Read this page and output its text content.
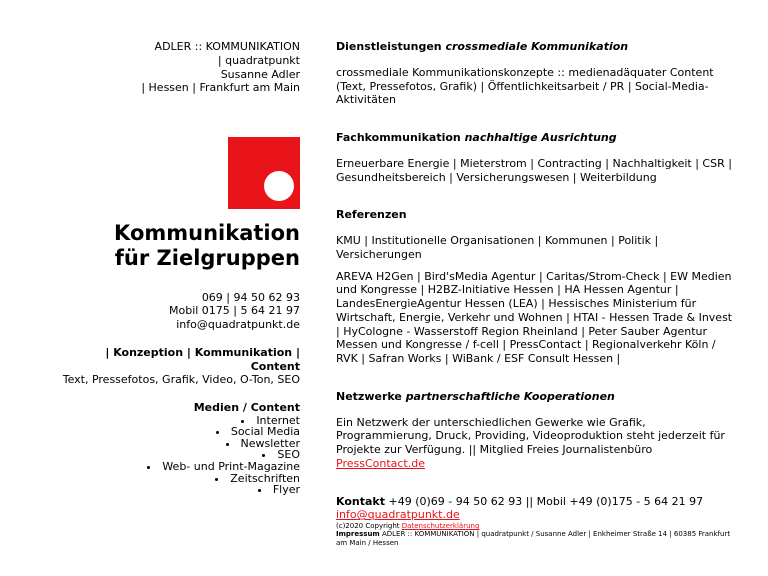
ADLER :: KOMMUNIKATION
| quadratpunkt
Susanne Adler
| Hessen | Frankfurt am Main
Kommunikation
für Zielgruppen
069 | 94 50 62 93
Mobil 0175 | 5 64 21 97
info@quadratpunkt.de
| Konzeption | Kommunikation | Content
Text, Pressefotos, Grafik, Video, O-Ton, SEO
Medien / Content
• Internet
• Social Media
• Newsletter
• SEO
• Web- und Print-Magazine
• Zeitschriften
• Flyer
Dienstleistungen crossmediale Kommunikation

crossmediale Kommunikationskonzepte :: medienadäquater Content (Text, Pressefotos, Grafik) | Öffentlichkeitsarbeit / PR | Social-Media-Aktivitäten

Fachkommunikation nachhaltige Ausrichtung

Erneuerbare Energie | Mieterstrom | Contracting | Nachhaltigkeit | CSR | Gesundheitsbereich | Versicherungswesen | Weiterbildung

Referenzen

KMU | Institutionelle Organisationen | Kommunen | Politik | Versicherungen

AREVA H2Gen | Bird'sMedia Agentur | Caritas/Strom-Check | EW Medien und Kongresse | H2BZ-Initiative Hessen | HA Hessen Agentur | LandesEnergieAgentur Hessen (LEA) | Hessisches Ministerium für Wirtschaft, Energie, Verkehr und Wohnen | HTAI - Hessen Trade & Invest | HyCologne - Wasserstoff Region Rheinland | Peter Sauber Agentur Messen und Kongresse / f-cell | PressContact | Regionalverkehr Köln / RVK | Safran Works | WiBank / ESF Consult Hessen |

Netzwerke partnerschaftliche Kooperationen

Ein Netzwerk der unterschiedlichen Gewerke wie Grafik, Programmierung, Druck, Providing, Videoproduktion steht jederzeit für Projekte zur Verfügung. || Mitglied Freies Journalistenbüro PressContact.de

Kontakt +49 (0)69 - 94 50 62 93 || Mobil +49 (0)175 - 5 64 21 97
info@quadratpunkt.de
(c)2020 Copyright Datenschutzerklärung
Impressum ADLER :: KOMMUNIKATION | quadratpunkt / Susanne Adler | Enkheimer Straße 14 | 60385 Frankfurt am Main / Hessen
